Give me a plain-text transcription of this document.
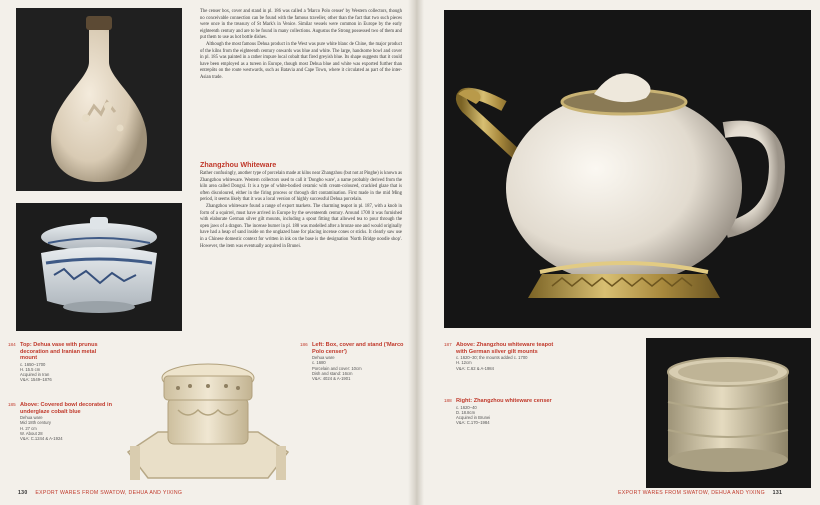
The censer box, cover and stand in pl. 186 was called a 'Marco Polo censer' by Western collectors, though no conceivable connection can be found with the famous traveller, other than the fact that two such pieces were once in the treasury of St Mark's in Venice. Similar vessels were common in Europe by the early eighteenth century and are to be found in many collections. Augustus the Strong possessed two of them and put them to use as hot bottle dishes.

Although the most famous Dehua product in the West was pure white blanc de Chine, the major product of the kilns from the eighteenth century onwards was blue and white. The large, handsome bowl and cover in pl. 185 was painted in a rather impure local cobalt that fired greyish blue. Its shape suggests that it could have been employed as a tureen in Europe, though most Dehua blue and white was exported further than entrepôts on the route westwards, such as Batavia and Cape Town, where it circulated as part of the inter-Asian trade.

Zhangzhou Whiteware

Rather confusingly, another type of porcelain made at kilns near Zhangzhou (but not at Pinghe) is known as Zhangzhou whiteware. Western collectors used to call it 'Dongbo ware', a name probably derived from the kiln area called Dongxi. It is a type of white-bodied ceramic with cream-coloured, crackled glaze that is often discoloured, either in the firing process or through dirt contamination. First made in the mid Ming period, it seems likely that it was a local version of highly successful Dehua porcelain.

Zhangzhou whiteware found a range of export markets. The charming teapot in pl. 187, with a knob in form of a squirrel, must have arrived in Europe by the seventeenth century. Around 1700 it was furnished with elaborate German silver gilt mounts, including a spout fitting that allowed tea to pour through the open jaws of a dragon. The incense burner in pl. 188 was modelled after a bronze one and would originally have had a heap of sand inside on the unglazed base for placing incense cones or sticks. It clearly saw use in a Chinese domestic context for written in ink on the base is the designation 'North Bridge noodle shop'. However, the item was eventually acquired in Brunei.

184 Top: Dehua vase with prunus decoration and Iranian metal mount
c. 1650–1700
H. 15.5 cm
Acquired in Iran
V&A: 1549–1876
185 Above: Covered bowl decorated in underglaze cobalt blue
Dehua ware
Mid 18th century
H. 27 cm
W. About 28
V&A: C.1244 & A-1924
186 Left: Box, cover and stand ('Marco Polo censer')
Dehua ware
c. 1680
Porcelain and cover: 10cm
Dish and stand: 16cm
V&A: 4024 & A-1901
130 EXPORT WARES FROM SWATOW, DEHUA AND YIXING
187 Above: Zhangzhou whiteware teapot with German silver gilt mounts
c. 1620–30; the mounts added c. 1700
H. 12cm
V&A: C.62 & A-1984
188 Right: Zhangzhou whiteware censer
c. 1620–40
D. 18.8cm
Acquired in Brunei
V&A: C.170–1984
EXPORT WARES FROM SWATOW, DEHUA AND YIXING 131
